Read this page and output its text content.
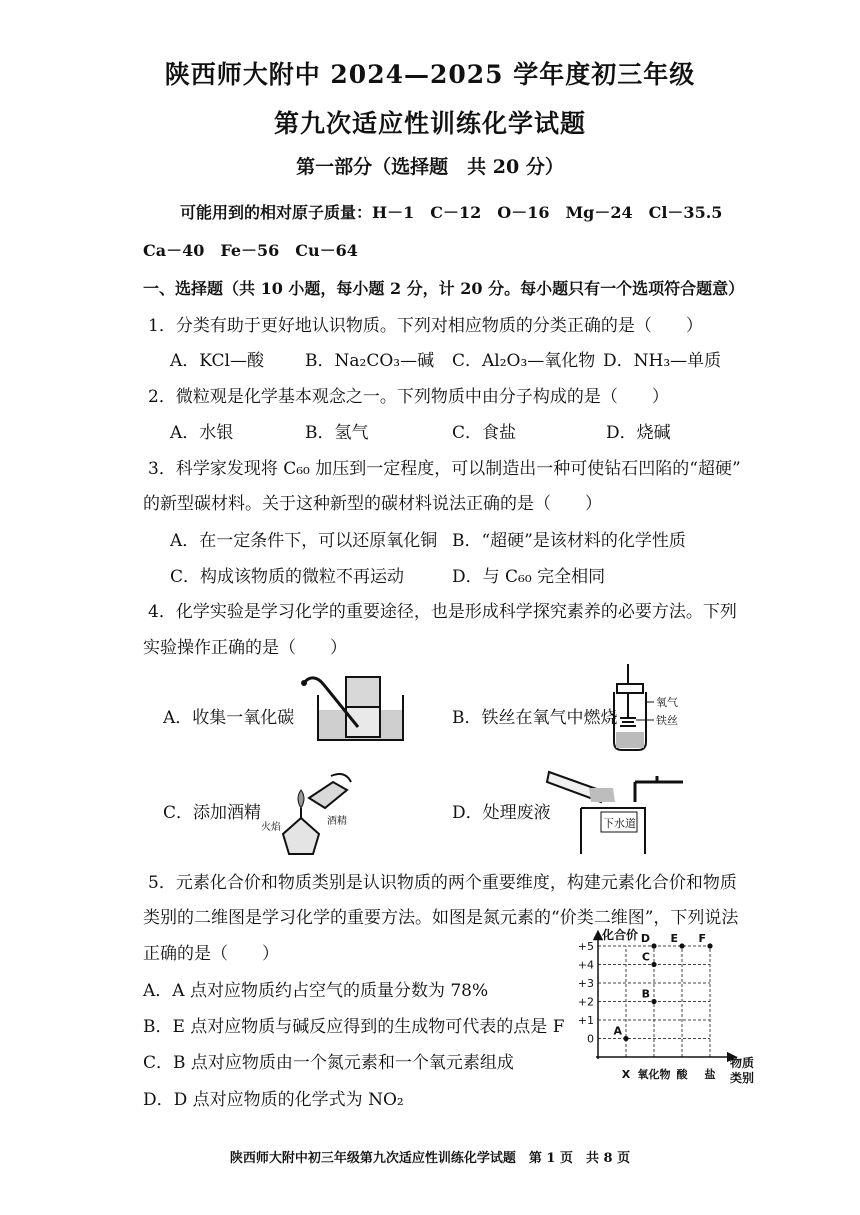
陕西师大附中 2024—2025 学年度初三年级
第九次适应性训练化学试题
第一部分（选择题　共 20 分）
可能用到的相对原子质量：H－1　C－12　O－16　Mg－24　Cl－35.5
Ca－40　Fe－56　Cu－64
一、选择题（共 10 小题，每小题 2 分，计 20 分。每小题只有一个选项符合题意）
1．分类有助于更好地认识物质。下列对相应物质的分类正确的是（　　）
A．KCl—酸 B．Na₂CO₃—碱 C．Al₂O₃—氧化物 D．NH₃—单质
2．微粒观是化学基本观念之一。下列物质中由分子构成的是（　　）
A．水银	B．氢气	C．食盐	D．烧碱
3．科学家发现将 C₆₀ 加压到一定程度，可以制造出一种可使钻石凹陷的“超硬”
的新型碳材料。关于这种新型的碳材料说法正确的是（　　）
A．在一定条件下，可以还原氧化铜 B．“超硬”是该材料的化学性质
C．构成该物质的微粒不再运动	D．与 C₆₀ 完全相同
4．化学实验是学习化学的重要途径，也是形成科学探究素养的必要方法。下列
实验操作正确的是（　　）
A．收集一氧化碳	B．铁丝在氧气中燃烧
C．添加酒精	D．处理废液
氧气
铁丝
火焰
酒精	下水道
5．元素化合价和物质类别是认识物质的两个重要维度，构建元素化合价和物质
类别的二维图是学习化学的重要方法。如图是氮元素的“价类二维图”，下列说法
正确的是（　　）
A．A 点对应物质约占空气的质量分数为 78%
B．E 点对应物质与碱反应得到的生成物可代表的点是 F
C．B 点对应物质由一个氮元素和一个氧元素组成
D．D 点对应物质的化学式为 NO₂
化合价
物质
类别
+5
+4
+3
+2
+1
0
X 氧化物 酸 盐
A
B
C
D E F
陕西师大附中初三年级第九次适应性训练化学试题　第 1 页　共 8 页
